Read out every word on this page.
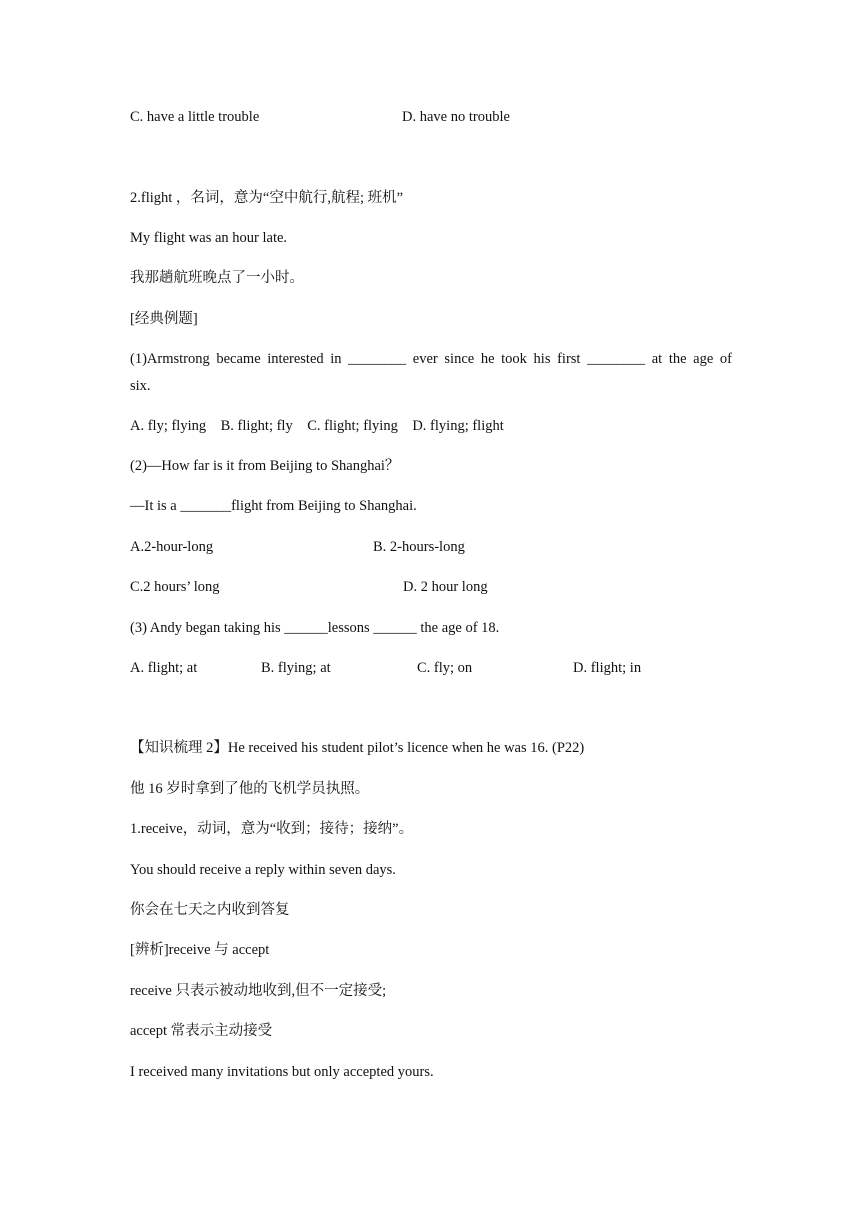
C. have a little trouble	D. have no trouble
2.flight ，名词，意为“空中航行,航程; 班机”
My flight was an hour late.
我那趟航班晚点了一小时。
[经典例题]
(1)Armstrong became interested in ________ ever since he took his first ________ at the age of
six.
A. fly; flying    B. flight; fly    C. flight; flying    D. flying; flight
(2)—How far is it from Beijing to Shanghai？
—It is a _______flight from Beijing to Shanghai.
A.2-hour-long	B. 2-hours-long
C.2 hours’ long	D. 2 hour long
(3) Andy began taking his ______lessons ______ the age of 18.
A. flight; at	B. flying; at	C. fly; on	D. flight; in
【知识梳理 2】He received his student pilot’s licence when he was 16. (P22)
他 16 岁时拿到了他的飞机学员执照。
1.receive，动词，意为“收到；接待；接纳”。
You should receive a reply within seven days.
你会在七天之内收到答复
[辨析]receive 与 accept
receive 只表示被动地收到,但不一定接受;
accept 常表示主动接受
I received many invitations but only accepted yours.
